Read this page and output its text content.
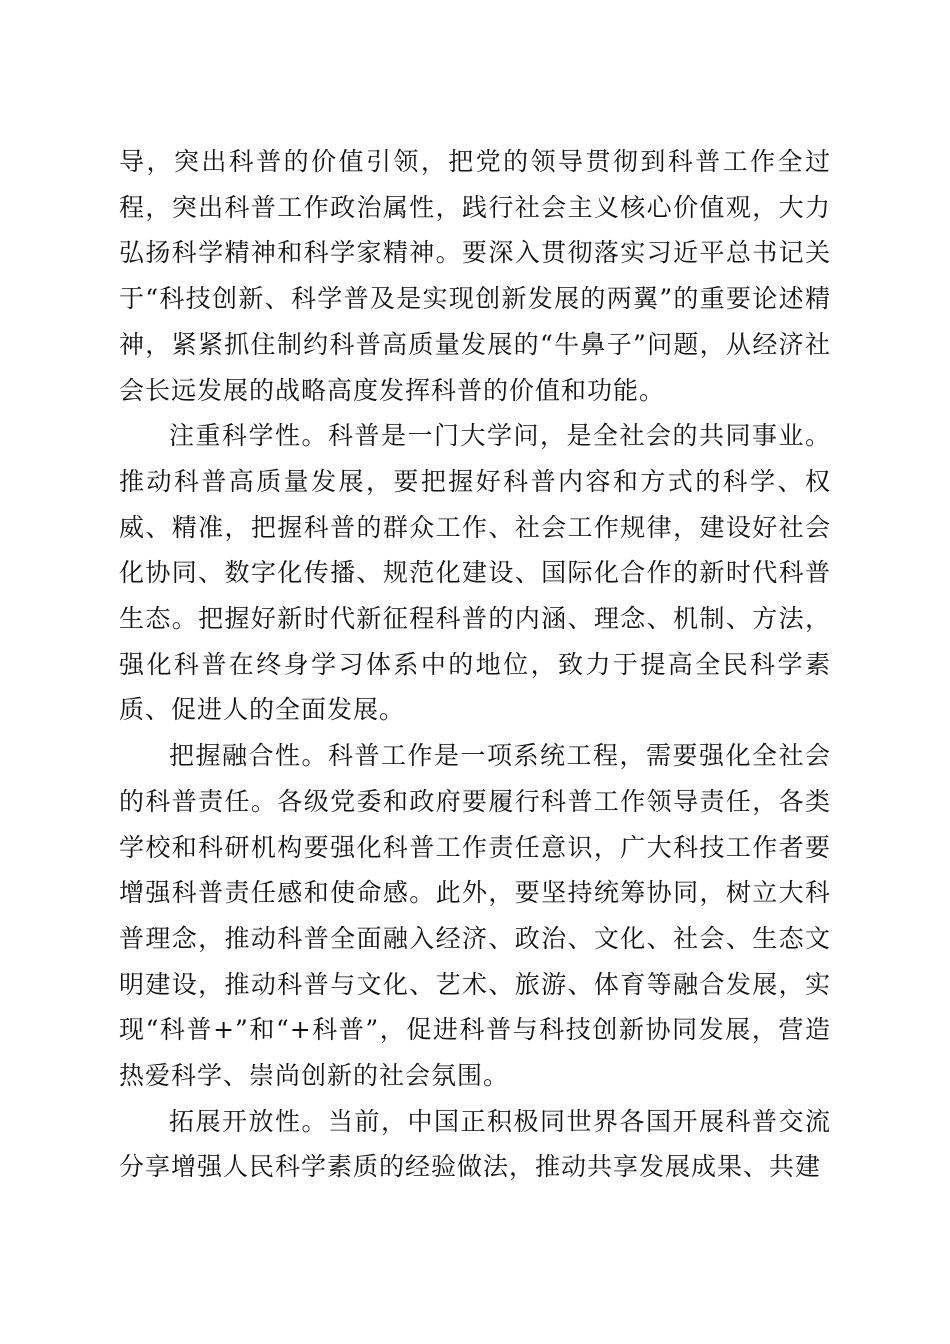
导，突出科普的价值引领，把党的领导贯彻到科普工作全过程，突出科普工作政治属性，践行社会主义核心价值观，大力弘扬科学精神和科学家精神。要深入贯彻落实习近平总书记关于“科技创新、科学普及是实现创新发展的两翼”的重要论述精神，紧紧抓住制约科普高质量发展的“牛鼻子”问题，从经济社会长远发展的战略高度发挥科普的价值和功能。

注重科学性。科普是一门大学问，是全社会的共同事业。推动科普高质量发展，要把握好科普内容和方式的科学、权威、精准，把握科普的群众工作、社会工作规律，建设好社会化协同、数字化传播、规范化建设、国际化合作的新时代科普生态。把握好新时代新征程科普的内涵、理念、机制、方法，强化科普在终身学习体系中的地位，致力于提高全民科学素质、促进人的全面发展。

把握融合性。科普工作是一项系统工程，需要强化全社会的科普责任。各级党委和政府要履行科普工作领导责任，各类学校和科研机构要强化科普工作责任意识，广大科技工作者要增强科普责任感和使命感。此外，要坚持统筹协同，树立大科普理念，推动科普全面融入经济、政治、文化、社会、生态文明建设，推动科普与文化、艺术、旅游、体育等融合发展，实现“科普+”和“+科普”，促进科普与科技创新协同发展，营造热爱科学、崇尚创新的社会氛围。

拓展开放性。当前，中国正积极同世界各国开展科普交流分享增强人民科学素质的经验做法，推动共享发展成果、共建
